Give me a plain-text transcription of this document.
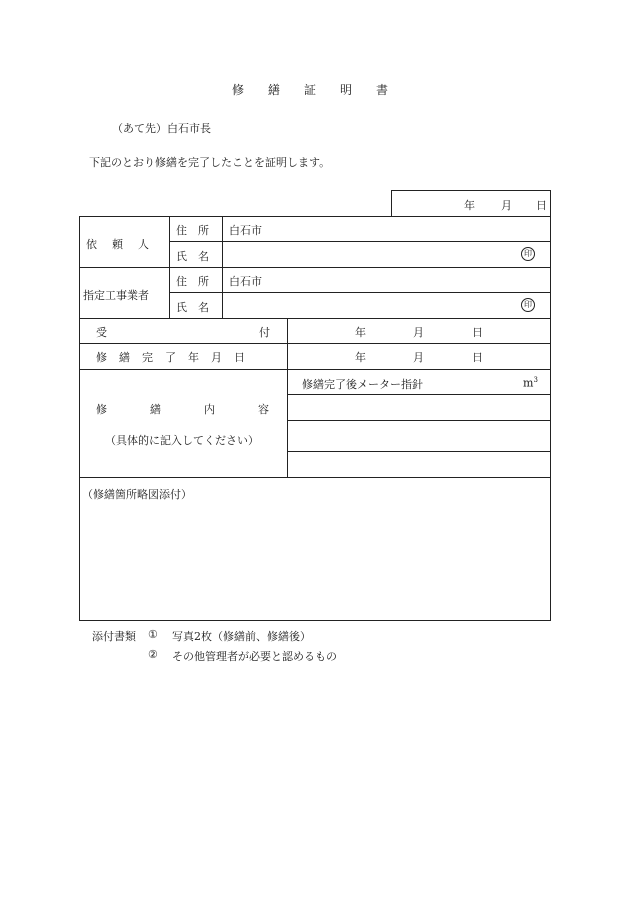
修　繕　証　明　書
（あて先）白石市長
下記のとおり修繕を完了したことを証明します。
年 月 日
依　頼　人
住　所 白石市
氏　名	印
指定工事業者
住　所 白石市
氏　名	印
受	付	年	月	日
修繕完了年月日	年	月	日
修　繕　内　容
（具体的に記入してください）
修繕完了後メーター指針	$m^3$
（修繕箇所略図添付）
添付書類 ① 写真2枚（修繕前、修繕後）
② その他管理者が必要と認めるもの
